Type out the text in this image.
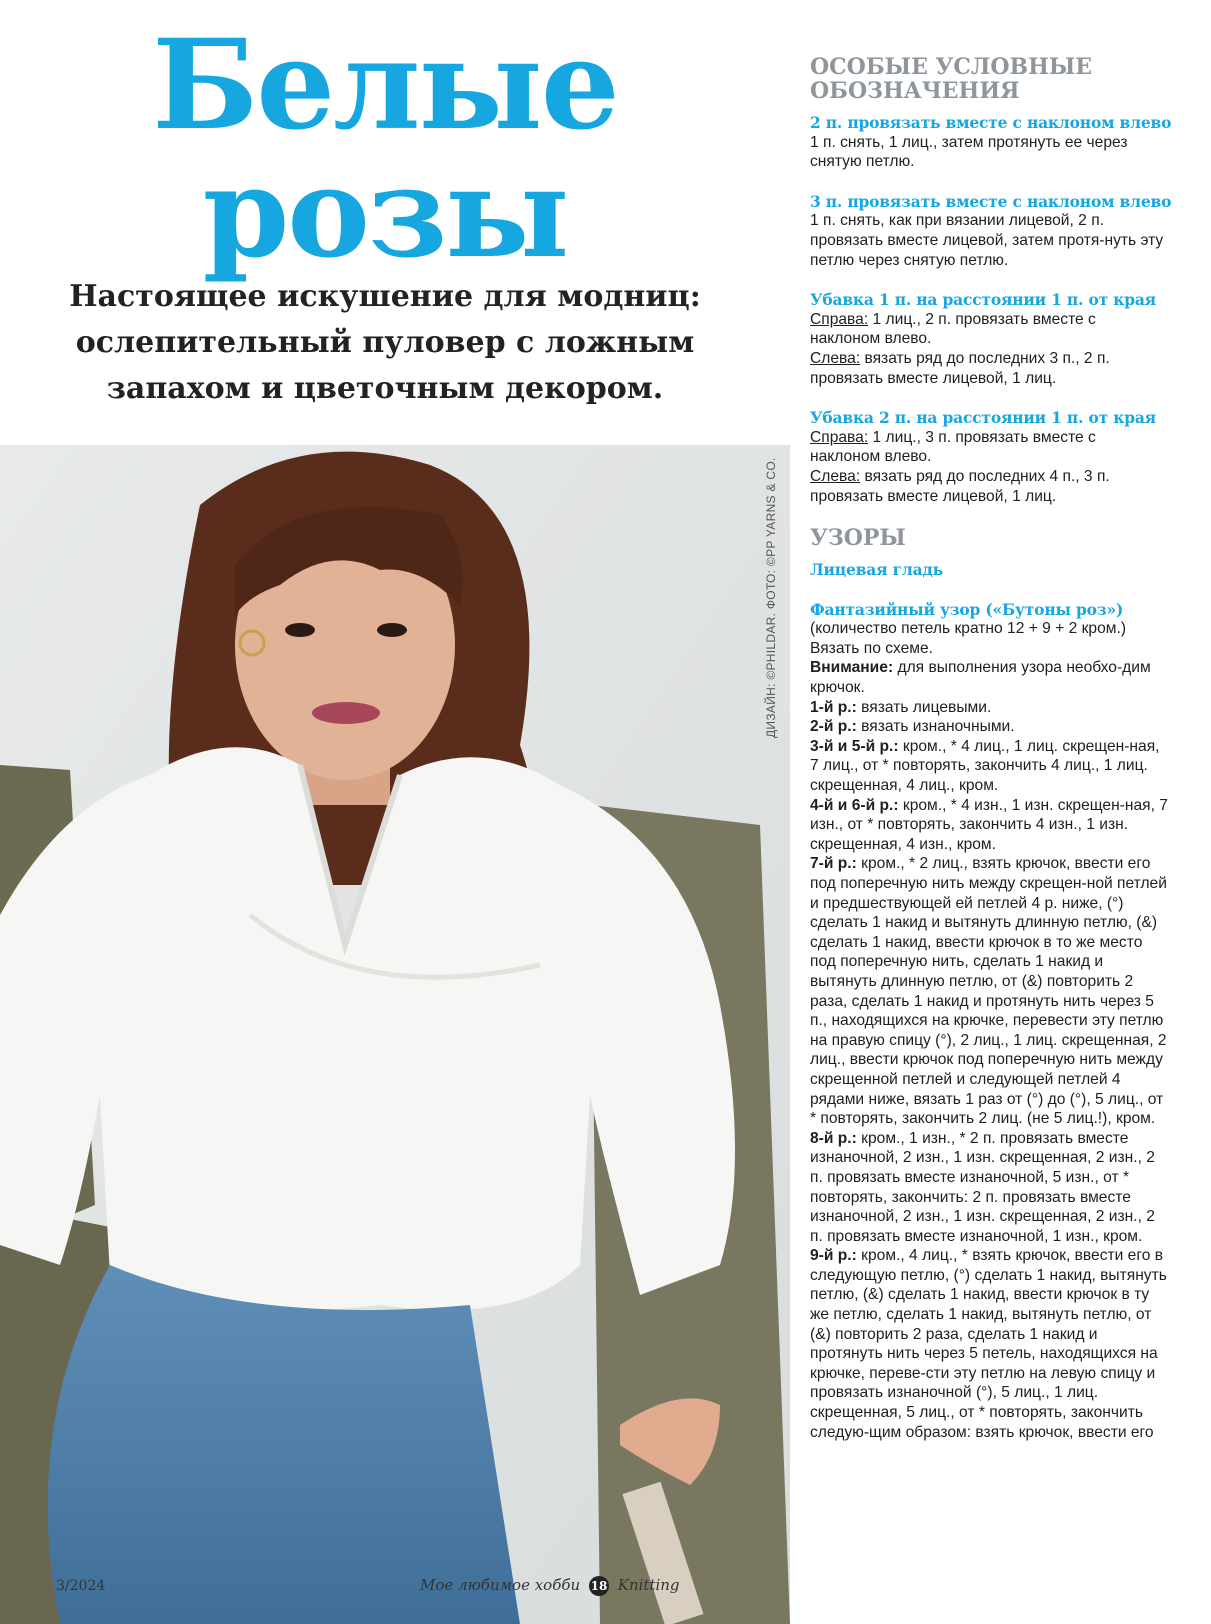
Белые
розы
Настоящее искушение для модниц: ослепительный пуловер с ложным запахом и цветочным декором.
ДИЗАЙН: ©PHILDAR. ФОТО: ©PP YARNS & CO.
ОСОБЫЕ УСЛОВНЫЕ ОБОЗНАЧЕНИЯ
2 п. провязать вместе с наклоном влево

1 п. снять, 1 лиц., затем протянуть ее через снятую петлю.

3 п. провязать вместе с наклоном влево

1 п. снять, как при вязании лицевой, 2 п. провязать вместе лицевой, затем протя-нуть эту петлю через снятую петлю.

Убавка 1 п. на расстоянии 1 п. от края

Справа: 1 лиц., 2 п. провязать вместе с наклоном влево.

Слева: вязать ряд до последних 3 п., 2 п. провязать вместе лицевой, 1 лиц.

Убавка 2 п. на расстоянии 1 п. от края

Справа: 1 лиц., 3 п. провязать вместе с наклоном влево.

Слева: вязать ряд до последних 4 п., 3 п. провязать вместе лицевой, 1 лиц.

УЗОРЫ
Лицевая гладь
Фантазийный узор («Бутоны роз»)

(количество петель кратно 12 + 9 + 2 кром.) Вязать по схеме.

Внимание: для выполнения узора необхо-дим крючок.

1-й р.: вязать лицевыми.

2-й р.: вязать изнаночными.

3-й и 5-й р.: кром., * 4 лиц., 1 лиц. скрещен-ная, 7 лиц., от * повторять, закончить 4 лиц., 1 лиц. скрещенная, 4 лиц., кром.

4-й и 6-й р.: кром., * 4 изн., 1 изн. скрещен-ная, 7 изн., от * повторять, закончить 4 изн., 1 изн. скрещенная, 4 изн., кром.

7-й р.: кром., * 2 лиц., взять крючок, ввести его под поперечную нить между скрещен-ной петлей и предшествующей ей петлей 4 р. ниже, (°) сделать 1 накид и вытянуть длинную петлю, (&) сделать 1 накид, ввести крючок в то же место под поперечную нить, сделать 1 накид и вытянуть длинную петлю, от (&) повторить 2 раза, сделать 1 накид и протянуть нить через 5 п., находящихся на крючке, перевести эту петлю на правую спицу (°), 2 лиц., 1 лиц. скрещенная, 2 лиц., ввести крючок под поперечную нить между скрещенной петлей и следующей петлей 4 рядами ниже, вязать 1 раз от (°) до (°), 5 лиц., от * повторять, закончить 2 лиц. (не 5 лиц.!), кром.

8-й р.: кром., 1 изн., * 2 п. провязать вместе изнаночной, 2 изн., 1 изн. скрещенная, 2 изн., 2 п. провязать вместе изнаночной, 5 изн., от * повторять, закончить: 2 п. провязать вместе изнаночной, 2 изн., 1 изн. скрещенная, 2 изн., 2 п. провязать вместе изнаночной, 1 изн., кром.

9-й р.: кром., 4 лиц., * взять крючок, ввести его в следующую петлю, (°) сделать 1 накид, вытянуть петлю, (&) сделать 1 накид, ввести крючок в ту же петлю, сделать 1 накид, вытянуть петлю, от (&) повторить 2 раза, сделать 1 накид и протянуть нить через 5 петель, находящихся на крючке, переве-сти эту петлю на левую спицу и провязать изнаночной (°), 5 лиц., 1 лиц. скрещенная, 5 лиц., от * повторять, закончить следую-щим образом: взять крючок, ввести его

3/2024	Мое любимое хобби 18 Knitting
